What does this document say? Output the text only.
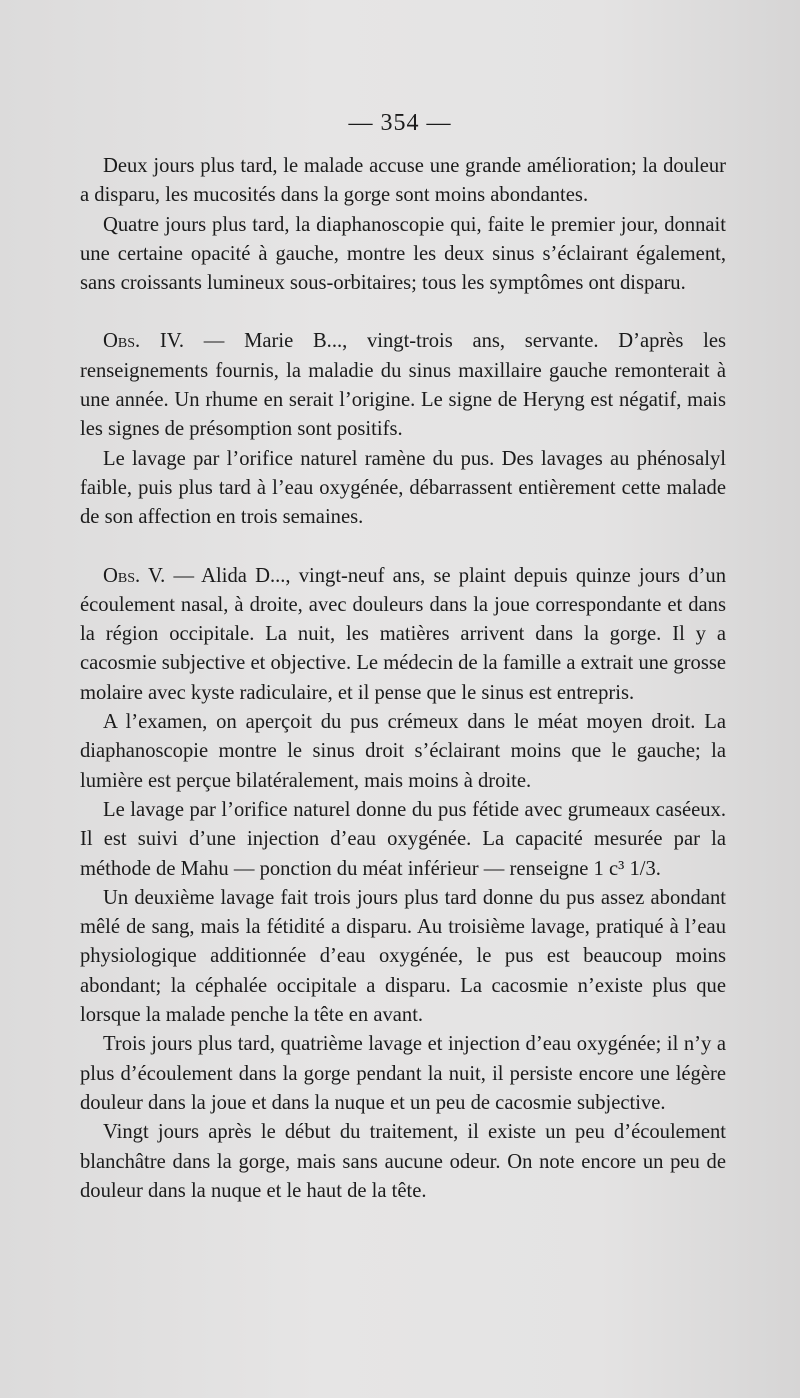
— 354 —

Deux jours plus tard, le malade accuse une grande amélioration; la douleur a disparu, les mucosités dans la gorge sont moins abondantes.

Quatre jours plus tard, la diaphanoscopie qui, faite le premier jour, donnait une certaine opacité à gauche, montre les deux sinus s’éclairant également, sans croissants lumineux sous-orbitaires; tous les symptômes ont disparu.

Obs. IV. — Marie B..., vingt-trois ans, servante. D’après les renseignements fournis, la maladie du sinus maxillaire gauche remonterait à une année. Un rhume en serait l’origine. Le signe de Heryng est négatif, mais les signes de présomption sont positifs.

Le lavage par l’orifice naturel ramène du pus. Des lavages au phénosalyl faible, puis plus tard à l’eau oxygénée, débarrassent entièrement cette malade de son affection en trois semaines.

Obs. V. — Alida D..., vingt-neuf ans, se plaint depuis quinze jours d’un écoulement nasal, à droite, avec douleurs dans la joue correspondante et dans la région occipitale. La nuit, les matières arrivent dans la gorge. Il y a cacosmie subjective et objective. Le médecin de la famille a extrait une grosse molaire avec kyste radiculaire, et il pense que le sinus est entrepris.

A l’examen, on aperçoit du pus crémeux dans le méat moyen droit. La diaphanoscopie montre le sinus droit s’éclairant moins que le gauche; la lumière est perçue bilatéralement, mais moins à droite.

Le lavage par l’orifice naturel donne du pus fétide avec grumeaux caséeux. Il est suivi d’une injection d’eau oxygénée. La capacité mesurée par la méthode de Mahu — ponction du méat inférieur — renseigne 1 c³ 1/3.

Un deuxième lavage fait trois jours plus tard donne du pus assez abondant mêlé de sang, mais la fétidité a disparu. Au troisième lavage, pratiqué à l’eau physiologique additionnée d’eau oxygénée, le pus est beaucoup moins abondant; la céphalée occipitale a disparu. La cacosmie n’existe plus que lorsque la malade penche la tête en avant.

Trois jours plus tard, quatrième lavage et injection d’eau oxygénée; il n’y a plus d’écoulement dans la gorge pendant la nuit, il persiste encore une légère douleur dans la joue et dans la nuque et un peu de cacosmie subjective.

Vingt jours après le début du traitement, il existe un peu d’écoulement blanchâtre dans la gorge, mais sans aucune odeur. On note encore un peu de douleur dans la nuque et le haut de la tête.
